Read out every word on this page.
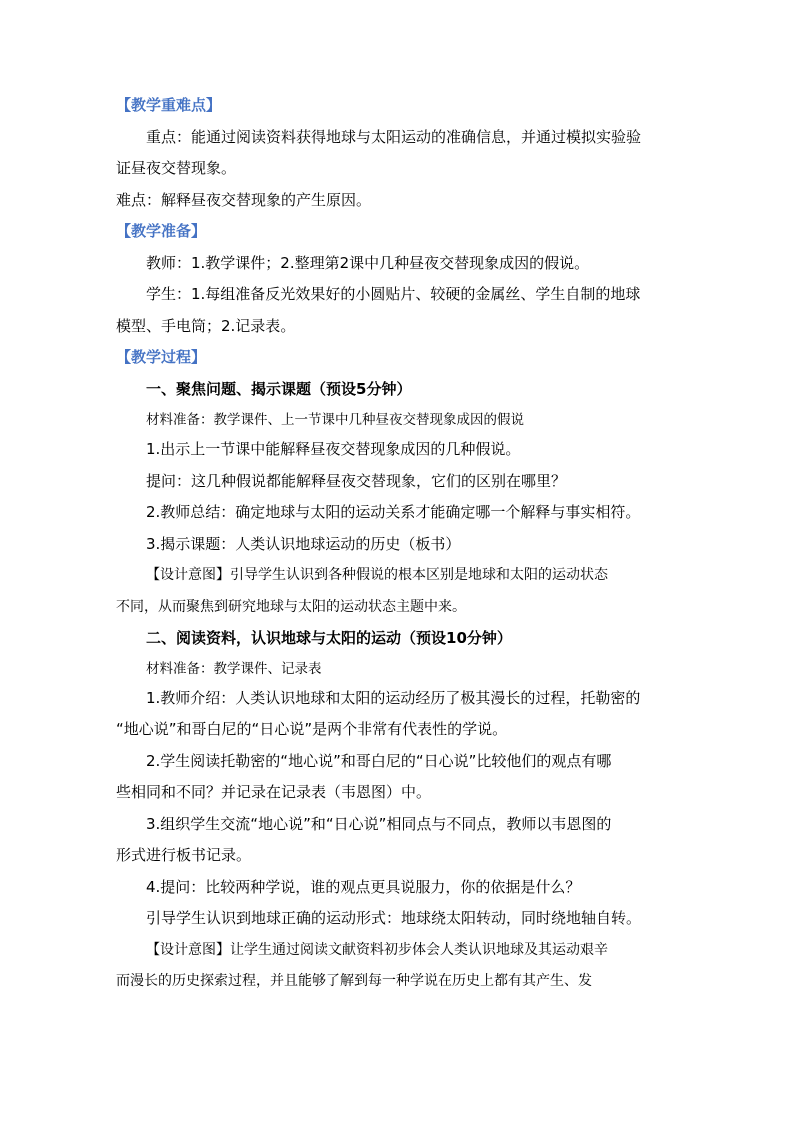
【教学重难点】
重点：能通过阅读资料获得地球与太阳运动的准确信息，并通过模拟实验验
证昼夜交替现象。
难点：解释昼夜交替现象的产生原因。
【教学准备】
教师：1.教学课件；2.整理第2课中几种昼夜交替现象成因的假说。
学生：1.每组准备反光效果好的小圆贴片、较硬的金属丝、学生自制的地球
模型、手电筒；2.记录表。
【教学过程】
一、聚焦问题、揭示课题（预设5分钟）
材料准备：教学课件、上一节课中几种昼夜交替现象成因的假说
1.出示上一节课中能解释昼夜交替现象成因的几种假说。
提问：这几种假说都能解释昼夜交替现象，它们的区别在哪里？
2.教师总结：确定地球与太阳的运动关系才能确定哪一个解释与事实相符。
3.揭示课题：人类认识地球运动的历史（板书）
【设计意图】引导学生认识到各种假说的根本区别是地球和太阳的运动状态
不同，从而聚焦到研究地球与太阳的运动状态主题中来。
二、阅读资料，认识地球与太阳的运动（预设10分钟）
材料准备：教学课件、记录表
1.教师介绍：人类认识地球和太阳的运动经历了极其漫长的过程，托勒密的
“地心说”和哥白尼的“日心说”是两个非常有代表性的学说。
2.学生阅读托勒密的“地心说”和哥白尼的“日心说”比较他们的观点有哪
些相同和不同？并记录在记录表（韦恩图）中。
3.组织学生交流“地心说”和“日心说”相同点与不同点，教师以韦恩图的
形式进行板书记录。
4.提问：比较两种学说，谁的观点更具说服力，你的依据是什么？
引导学生认识到地球正确的运动形式：地球绕太阳转动，同时绕地轴自转。
【设计意图】让学生通过阅读文献资料初步体会人类认识地球及其运动艰辛
而漫长的历史探索过程，并且能够了解到每一种学说在历史上都有其产生、发
